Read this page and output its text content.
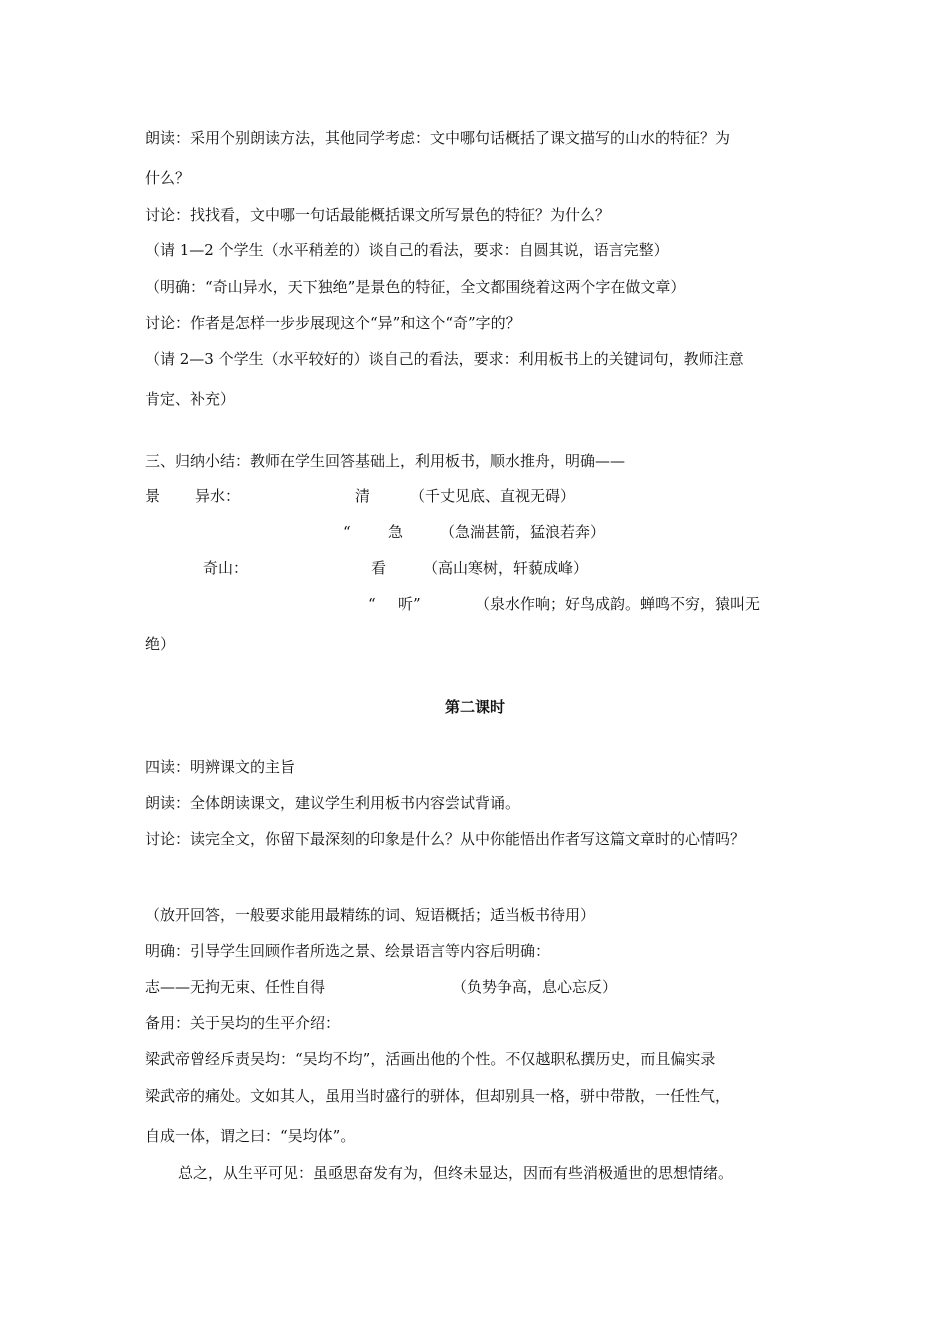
朗读：采用个别朗读方法，其他同学考虑：文中哪句话概括了课文描写的山水的特征？为
什么？
讨论：找找看，文中哪一句话最能概括课文所写景色的特征？为什么？
（请 1—2 个学生（水平稍差的）谈自己的看法，要求：自圆其说，语言完整）
（明确：“奇山异水，天下独绝”是景色的特征，全文都围绕着这两个字在做文章）
讨论：作者是怎样一步步展现这个“异”和这个“奇”字的？
（请 2—3 个学生（水平较好的）谈自己的看法，要求：利用板书上的关键词句，教师注意
肯定、补充）
三、归纳小结：教师在学生回答基础上，利用板书，顺水推舟，明确——
景 异水：	清	（千丈见底、直视无碍）
“ 急 （急湍甚箭，猛浪若奔）
奇山：	看 （高山寒树，轩藐成峰）
“ 听”	（泉水作响；好鸟成韵。蝉鸣不穷，猿叫无
绝）
第二课时
四读：明辨课文的主旨
朗读：全体朗读课文，建议学生利用板书内容尝试背诵。
讨论：读完全文，你留下最深刻的印象是什么？从中你能悟出作者写这篇文章时的心情吗？
（放开回答，一般要求能用最精练的词、短语概括；适当板书待用）
明确：引导学生回顾作者所选之景、绘景语言等内容后明确：
志——无拘无束、任性自得	（负势争高，息心忘反）
备用：关于吴均的生平介绍：
梁武帝曾经斥责吴均：“吴均不均”，活画出他的个性。不仅越职私撰历史，而且偏实录
梁武帝的痛处。文如其人，虽用当时盛行的骈体，但却别具一格，骈中带散，一任性气，
自成一体，谓之曰：“吴均体”。
总之，从生平可见：虽亟思奋发有为，但终未显达，因而有些消极遁世的思想情绪。
